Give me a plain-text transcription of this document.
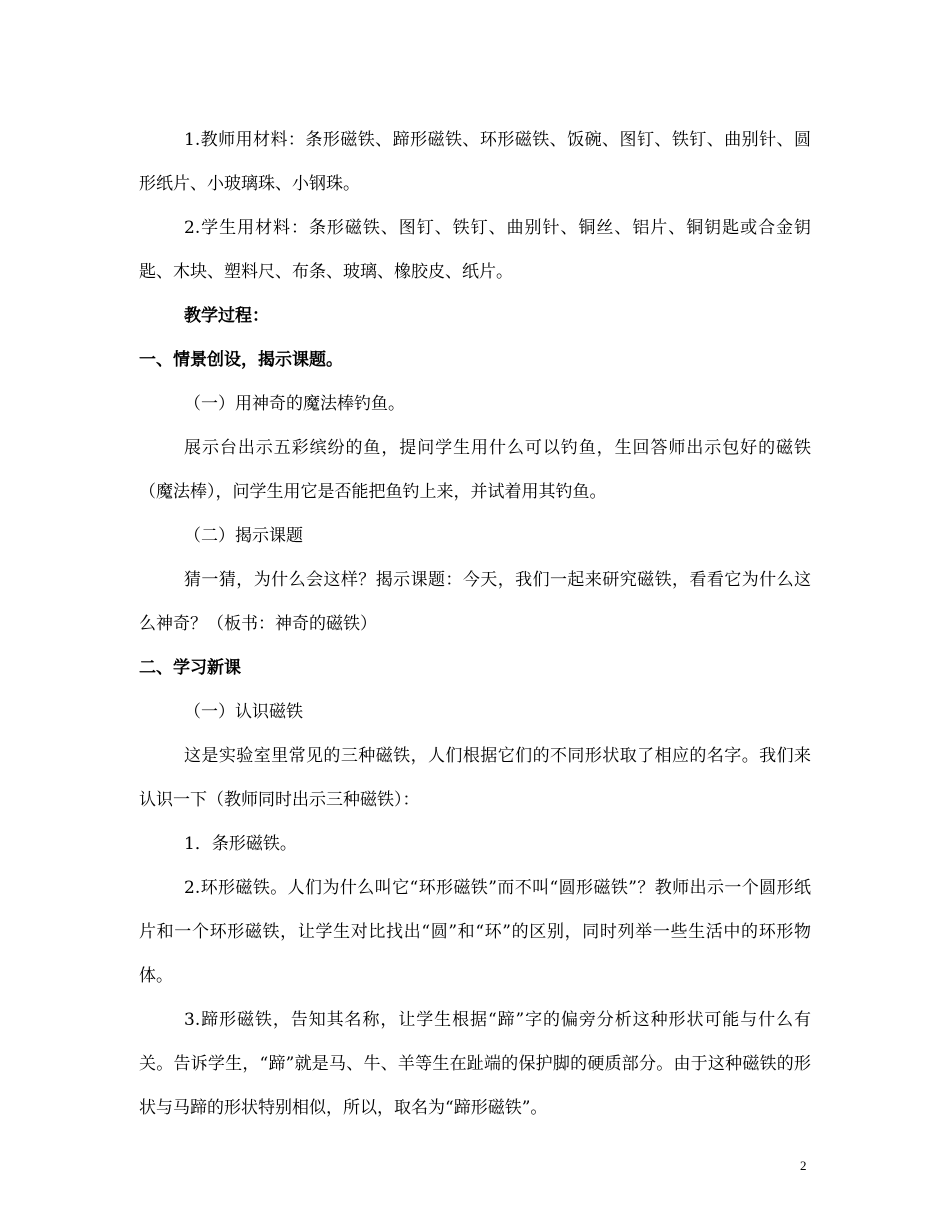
1.教师用材料：条形磁铁、蹄形磁铁、环形磁铁、饭碗、图钉、铁钉、曲别针、圆形纸片、小玻璃珠、小钢珠。

2.学生用材料：条形磁铁、图钉、铁钉、曲别针、铜丝、铝片、铜钥匙或合金钥匙、木块、塑料尺、布条、玻璃、橡胶皮、纸片。

教学过程：

一、情景创设，揭示课题。

（一）用神奇的魔法棒钓鱼。

展示台出示五彩缤纷的鱼，提问学生用什么可以钓鱼，生回答师出示包好的磁铁（魔法棒），问学生用它是否能把鱼钓上来，并试着用其钓鱼。

（二）揭示课题

猜一猜，为什么会这样？揭示课题：今天，我们一起来研究磁铁，看看它为什么这么神奇？（板书：神奇的磁铁）

二、学习新课

（一）认识磁铁

这是实验室里常见的三种磁铁，人们根据它们的不同形状取了相应的名字。我们来认识一下（教师同时出示三种磁铁）：

1．条形磁铁。

2.环形磁铁。人们为什么叫它“环形磁铁”而不叫“圆形磁铁”？教师出示一个圆形纸片和一个环形磁铁，让学生对比找出“圆”和“环”的区别，同时列举一些生活中的环形物体。

3.蹄形磁铁，告知其名称，让学生根据“蹄”字的偏旁分析这种形状可能与什么有关。告诉学生，“蹄”就是马、牛、羊等生在趾端的保护脚的硬质部分。由于这种磁铁的形状与马蹄的形状特别相似，所以，取名为“蹄形磁铁”。

2
